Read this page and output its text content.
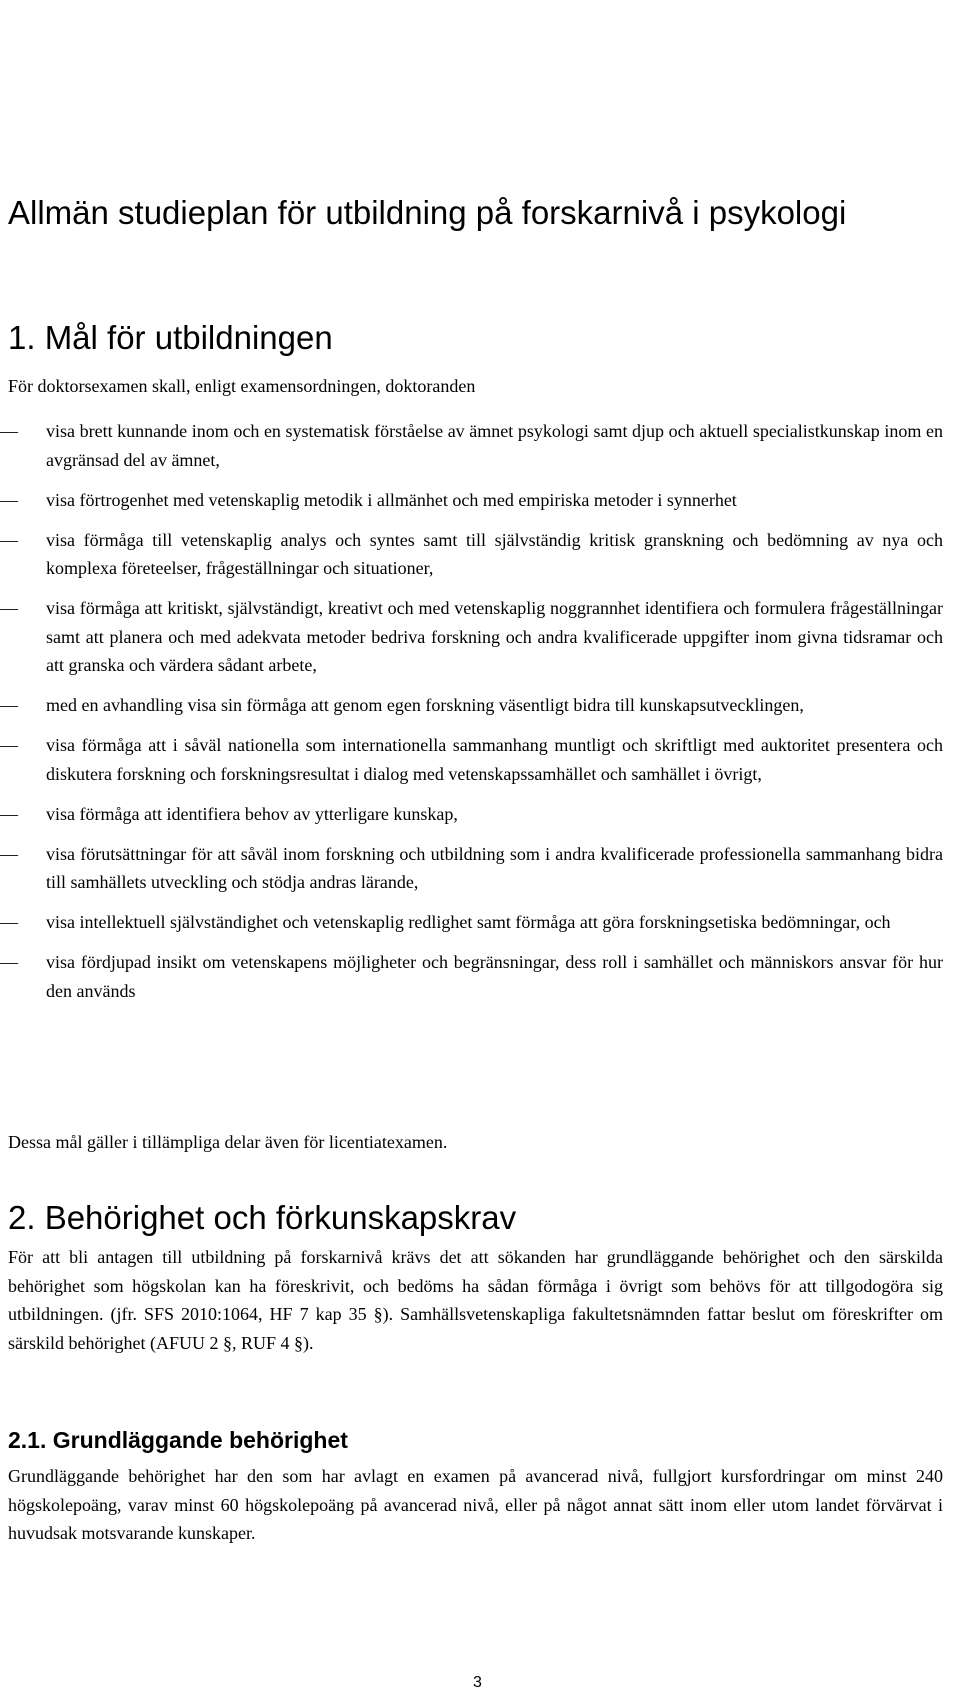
UPPSALA UNIVERSITET	ALLMÄN STUDIEPLAN FÖR UTBILDNING PÅ FORSKARNIVÅ I PSYKOLOGI
2012-01-19	SAMFAK 2011/107
Allmän studieplan för utbildning på forskarnivå i psykologi
1. Mål för utbildningen

För doktorsexamen skall, enligt examensordningen, doktoranden

—	visa brett kunnande inom och en systematisk förståelse av ämnet psykologi samt djup och aktuell specialistkunskap inom en avgränsad del av ämnet,
—	visa förtrogenhet med vetenskaplig metodik i allmänhet och med empiriska metoder i synnerhet
—	visa förmåga till vetenskaplig analys och syntes samt till självständig kritisk granskning och bedömning av nya och komplexa företeelser, frågeställningar och situationer,
—	visa förmåga att kritiskt, självständigt, kreativt och med vetenskaplig noggrannhet identifiera och formulera frågeställningar samt att planera och med adekvata metoder bedriva forskning och andra kvalificerade uppgifter inom givna tidsramar och att granska och värdera sådant arbete,
—	med en avhandling visa sin förmåga att genom egen forskning väsentligt bidra till kunskapsutvecklingen,
—	visa förmåga att i såväl nationella som internationella sammanhang muntligt och skriftligt med auktoritet presentera och diskutera forskning och forskningsresultat i dialog med vetenskapssamhället och samhället i övrigt,
—	visa förmåga att identifiera behov av ytterligare kunskap,
—	visa förutsättningar för att såväl inom forskning och utbildning som i andra kvalificerade professionella sammanhang bidra till samhällets utveckling och stödja andras lärande,
—	visa intellektuell självständighet och vetenskaplig redlighet samt förmåga att göra forskningsetiska bedömningar, och
—	visa fördjupad insikt om vetenskapens möjligheter och begränsningar, dess roll i samhället och människors ansvar för hur den används

Dessa mål gäller i tillämpliga delar även för licentiatexamen.

2. Behörighet och förkunskapskrav

För att bli antagen till utbildning på forskarnivå krävs det att sökanden har grundläggande behörighet och den särskilda behörighet som högskolan kan ha föreskrivit, och bedöms ha sådan förmåga i övrigt som behövs för att tillgodogöra sig utbildningen. (jfr. SFS 2010:1064, HF 7 kap 35 §). Samhällsvetenskapliga fakultetsnämnden fattar beslut om föreskrifter om särskild behörighet (AFUU 2 §, RUF 4 §).

2.1. Grundläggande behörighet

Grundläggande behörighet har den som har avlagt en examen på avancerad nivå, fullgjort kursfordringar om minst 240 högskolepoäng, varav minst 60 högskolepoäng på avancerad nivå, eller på något annat sätt inom eller utom landet förvärvat i huvudsak motsvarande kunskaper.

3
